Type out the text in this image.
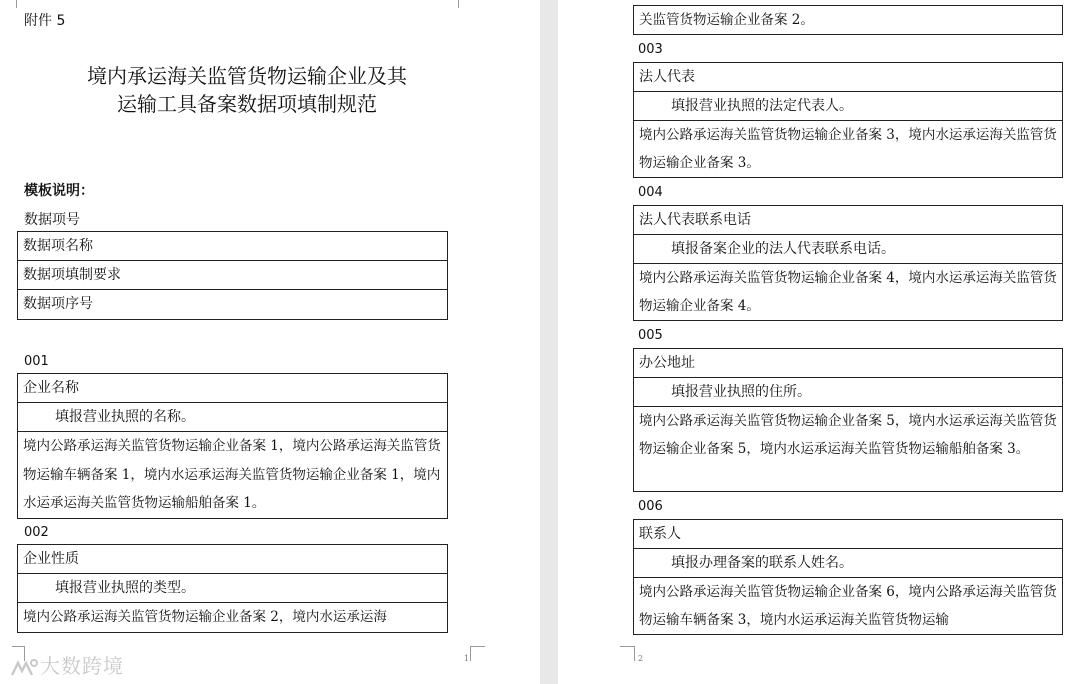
附件 5
境内承运海关监管货物运输企业及其
运输工具备案数据项填制规范
模板说明：
数据项号
数据项名称
数据项填制要求
数据项序号
001
企业名称
填报营业执照的名称。
境内公路承运海关监管货物运输企业备案 1，境内公路承运海关监管货物运输车辆备案 1，境内水运承运海关监管货物运输企业备案 1，境内水运承运海关监管货物运输船舶备案 1。
002
企业性质
填报营业执照的类型。
境内公路承运海关监管货物运输企业备案 2，境内水运承运海
1
大数跨境
关监管货物运输企业备案 2。
003
法人代表
填报营业执照的法定代表人。
境内公路承运海关监管货物运输企业备案 3，境内水运承运海关监管货物运输企业备案 3。
004
法人代表联系电话
填报备案企业的法人代表联系电话。
境内公路承运海关监管货物运输企业备案 4，境内水运承运海关监管货物运输企业备案 4。
005
办公地址
填报营业执照的住所。
境内公路承运海关监管货物运输企业备案 5，境内水运承运海关监管货物运输企业备案 5，境内水运承运海关监管货物运输船舶备案 3。
006
联系人
填报办理备案的联系人姓名。
境内公路承运海关监管货物运输企业备案 6，境内公路承运海关监管货物运输车辆备案 3，境内水运承运海关监管货物运输
2
